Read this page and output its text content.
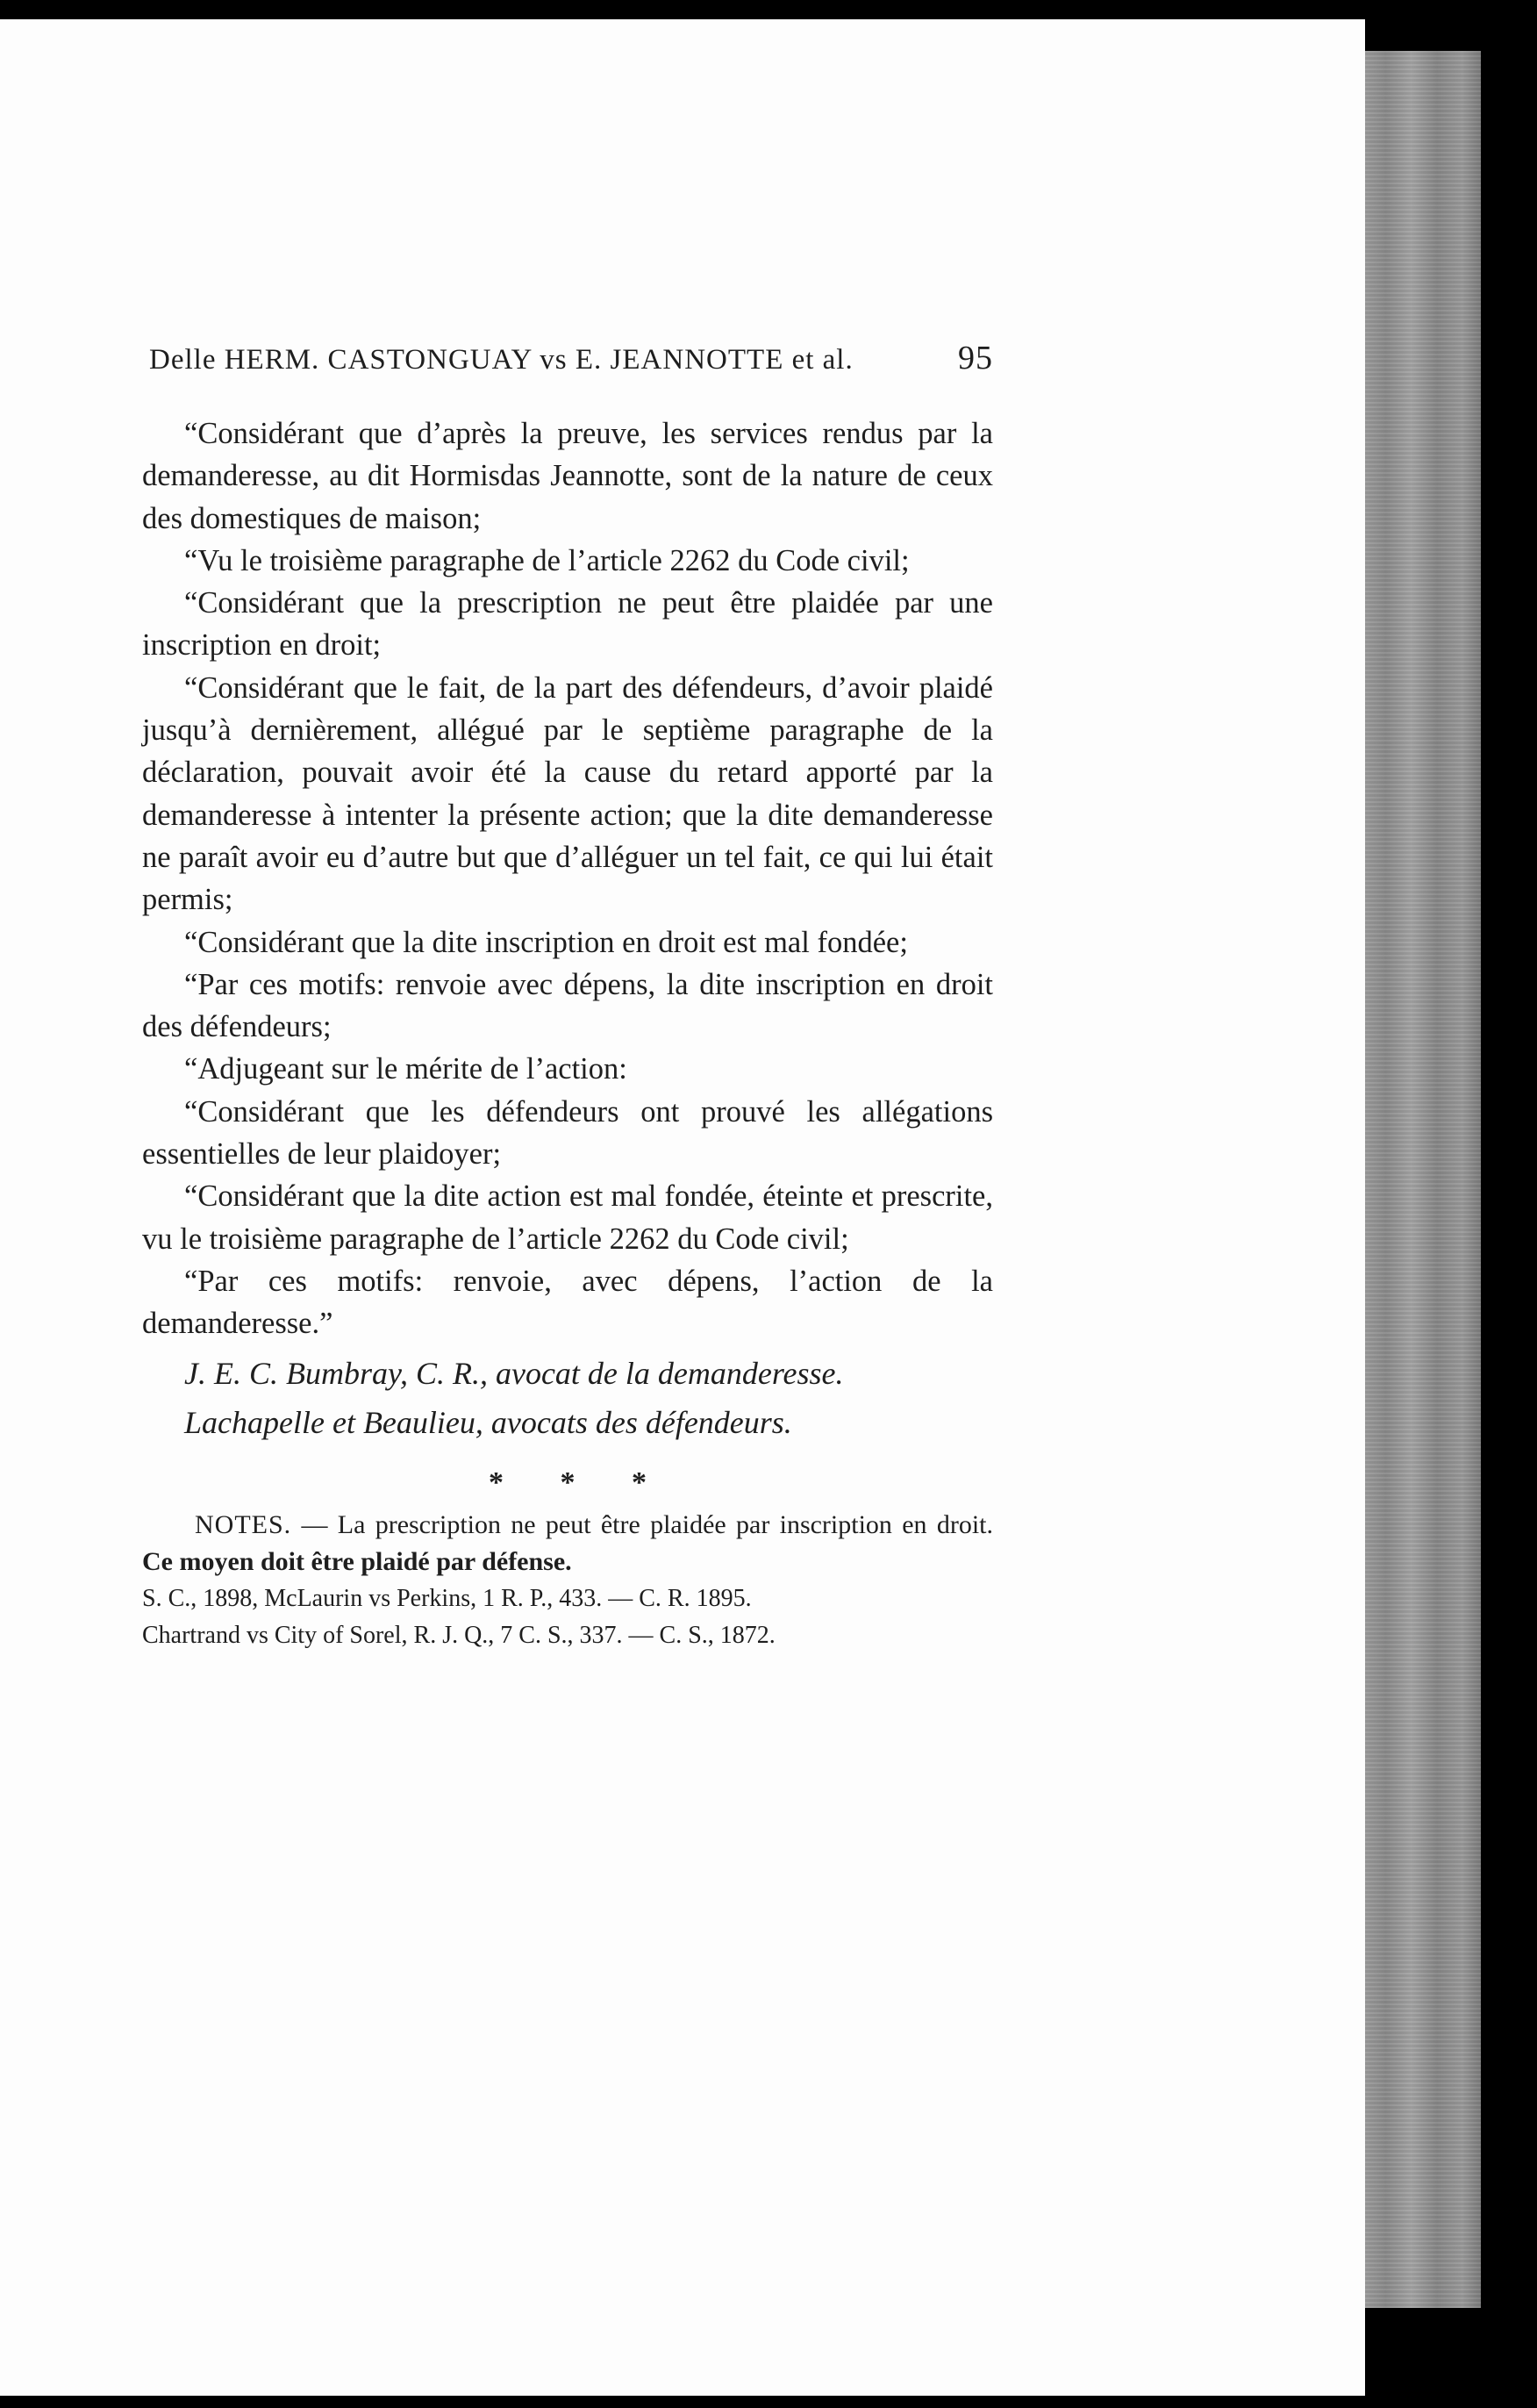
Delle HERM. CASTONGUAY vs E. JEANNOTTE et al.	95

“Considérant que d’après la preuve, les services rendus par la demanderesse, au dit Hormisdas Jeannotte, sont de la nature de ceux des domestiques de maison;

“Vu le troisième paragraphe de l’article 2262 du Code civil;

“Considérant que la prescription ne peut être plaidée par une inscription en droit;

“Considérant que le fait, de la part des défendeurs, d’avoir plaidé jusqu’à dernièrement, allégué par le septième paragraphe de la déclaration, pouvait avoir été la cause du retard apporté par la demanderesse à intenter la présente action; que la dite demanderesse ne paraît avoir eu d’autre but que d’alléguer un tel fait, ce qui lui était permis;

“Considérant que la dite inscription en droit est mal fondée;

“Par ces motifs: renvoie avec dépens, la dite inscription en droit des défendeurs;

“Adjugeant sur le mérite de l’action:

“Considérant que les défendeurs ont prouvé les allégations essentielles de leur plaidoyer;

“Considérant que la dite action est mal fondée, éteinte et prescrite, vu le troisième paragraphe de l’article 2262 du Code civil;

“Par ces motifs: renvoie, avec dépens, l’action de la demanderesse.”

J. E. C. Bumbray, C. R., avocat de la demanderesse.

Lachapelle et Beaulieu, avocats des défendeurs.

* * *

NOTES. — La prescription ne peut être plaidée par inscription en droit. Ce moyen doit être plaidé par défense.
S. C., 1898, McLaurin vs Perkins, 1 R. P., 433. — C. R. 1895.
Chartrand vs City of Sorel, R. J. Q., 7 C. S., 337. — C. S., 1872.
